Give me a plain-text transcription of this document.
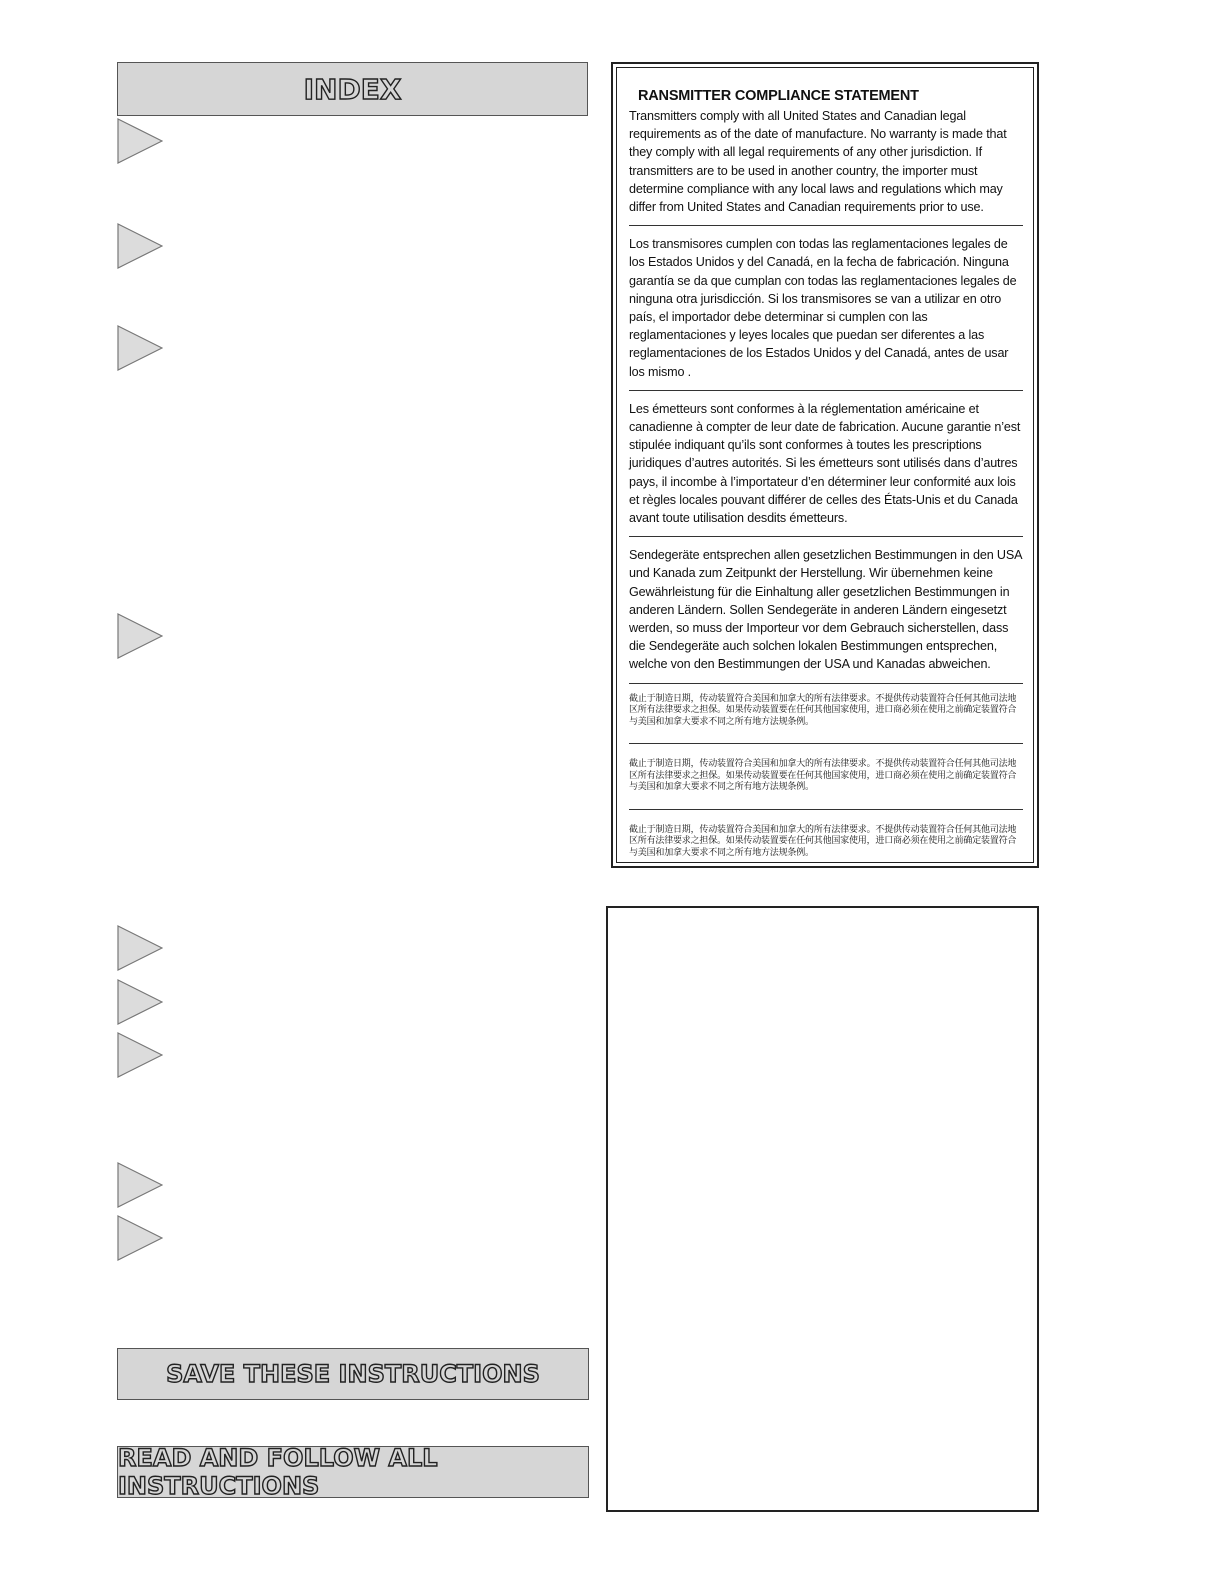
INDEX	RANSMITTER COMPLIANCE STATEMENT

Transmitters comply with all United States and Canadian legal requirements as of the date of manufacture. No warranty is made that they comply with all legal requirements of any other jurisdiction. If transmitters are to be used in another country, the importer must determine compliance with any local laws and regulations which may differ from United States and Canadian requirements prior to use.

Los transmisores cumplen con todas las reglamentaciones legales de los Estados Unidos y del Canadá, en la fecha de fabricación. Ninguna garantía se da que cumplan con todas las reglamentaciones legales de ninguna otra jurisdicción. Si los transmisores se van a utilizar en otro país, el importador debe determinar si cumplen con las reglamentaciones y leyes locales que puedan ser diferentes a las reglamentaciones de los Estados Unidos y del Canadá, antes de usar los mismo .

Les émetteurs sont conformes à la réglementation américaine et canadienne à compter de leur date de fabrication. Aucune garantie n’est stipulée indiquant qu’ils sont conformes à toutes les prescriptions juridiques d’autres autorités. Si les émetteurs sont utilisés dans d’autres pays, il incombe à l’importateur d’en déterminer leur conformité aux lois et règles locales pouvant différer de celles des États-Unis et du Canada avant toute utilisation desdits émetteurs.

Sendegeräte entsprechen allen gesetzlichen Bestimmungen in den USA und Kanada zum Zeitpunkt der Herstellung. Wir übernehmen keine Gewährleistung für die Einhaltung aller gesetzlichen Bestimmungen in anderen Ländern. Sollen Sendegeräte in anderen Ländern eingesetzt werden, so muss der Importeur vor dem Gebrauch sicherstellen, dass die Sendegeräte auch solchen lokalen Bestimmungen entsprechen, welche von den Bestimmungen der USA und Kanadas abweichen.

截止于制造日期，传动装置符合美国和加拿大的所有法律要求。不提供传动装置符合任何其他司法地区所有法律要求之担保。如果传动装置要在任何其他国家使用，进口商必须在使用之前确定装置符合与美国和加拿大要求不同之所有地方法规条例。

截止于制造日期，传动装置符合美国和加拿大的所有法律要求。不提供传动装置符合任何其他司法地区所有法律要求之担保。如果传动装置要在任何其他国家使用，进口商必须在使用之前确定装置符合与美国和加拿大要求不同之所有地方法规条例。

截止于制造日期，传动装置符合美国和加拿大的所有法律要求。不提供传动装置符合任何其他司法地区所有法律要求之担保。如果传动装置要在任何其他国家使用，进口商必须在使用之前确定装置符合与美国和加拿大要求不同之所有地方法规条例。

SAVE THESE INSTRUCTIONS
READ AND FOLLOW ALL INSTRUCTIONS
